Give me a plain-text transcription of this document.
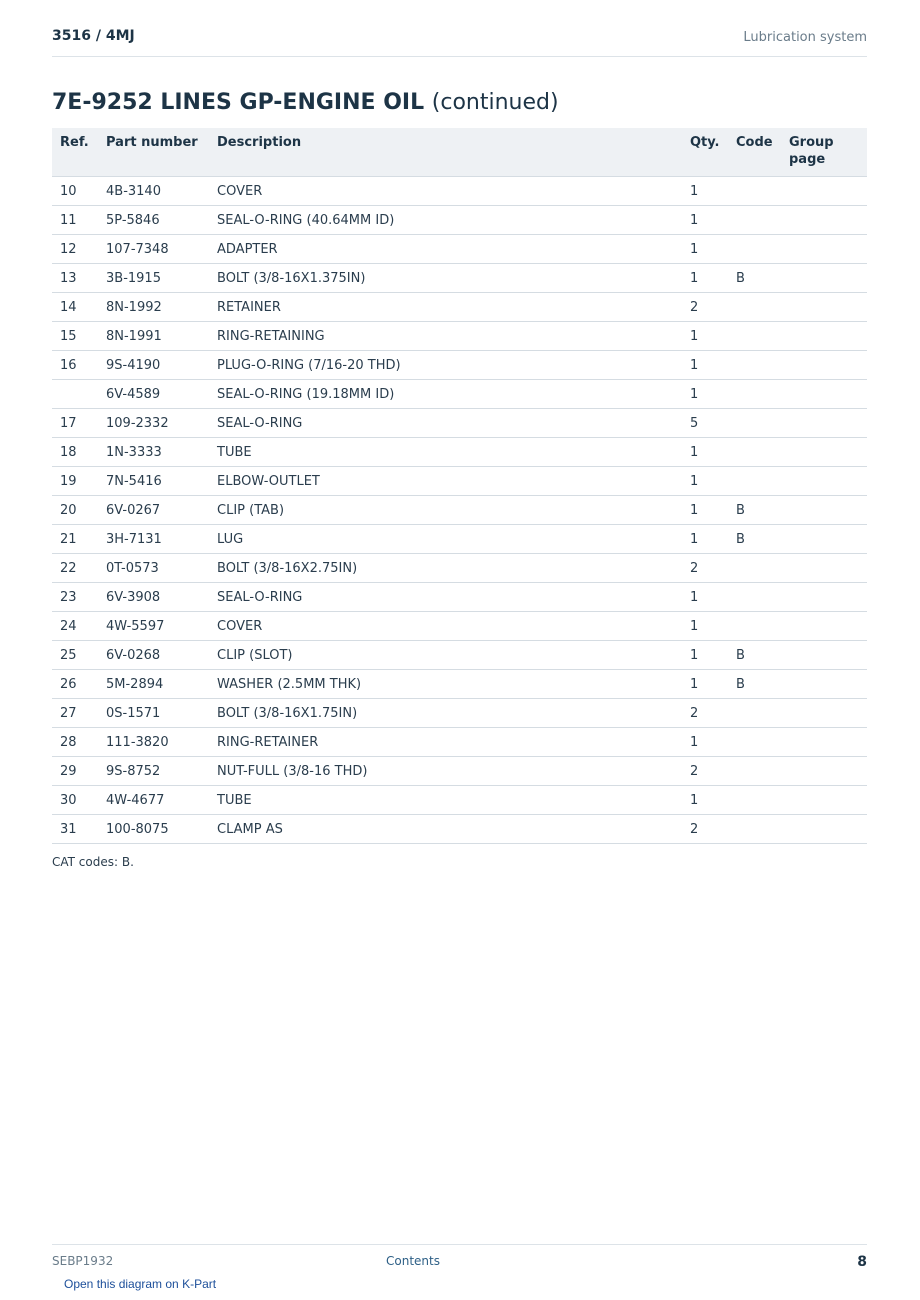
3516 / 4MJ	Lubrication system
7E-9252 LINES GP-ENGINE OIL (continued)
Ref.	Part number	Description	Qty.	Code	Group page
10	4B-3140	COVER	1		
11	5P-5846	SEAL-O-RING (40.64MM ID)	1		
12	107-7348	ADAPTER	1		
13	3B-1915	BOLT (3/8-16X1.375IN)	1	B	
14	8N-1992	RETAINER	2		
15	8N-1991	RING-RETAINING	1		
16	9S-4190	PLUG-O-RING (7/16-20 THD)	1		
	6V-4589	SEAL-O-RING (19.18MM ID)	1		
17	109-2332	SEAL-O-RING	5		
18	1N-3333	TUBE	1		
19	7N-5416	ELBOW-OUTLET	1		
20	6V-0267	CLIP (TAB)	1	B	
21	3H-7131	LUG	1	B	
22	0T-0573	BOLT (3/8-16X2.75IN)	2		
23	6V-3908	SEAL-O-RING	1		
24	4W-5597	COVER	1		
25	6V-0268	CLIP (SLOT)	1	B	
26	5M-2894	WASHER (2.5MM THK)	1	B	
27	0S-1571	BOLT (3/8-16X1.75IN)	2		
28	111-3820	RING-RETAINER	1		
29	9S-8752	NUT-FULL (3/8-16 THD)	2		
30	4W-4677	TUBE	1		
31	100-8075	CLAMP AS	2		
CAT codes: B.
SEBP1932	Contents	8
Open this diagram on K-Part
